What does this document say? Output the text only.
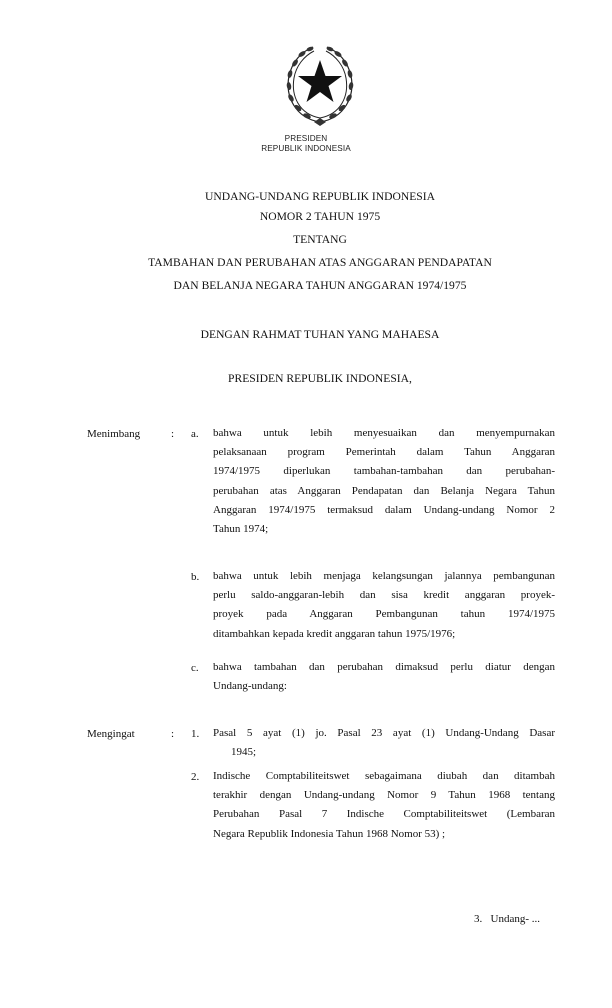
PRESIDEN
REPUBLIK INDONESIA
UNDANG-UNDANG REPUBLIK INDONESIA
NOMOR 2 TAHUN 1975
TENTANG
TAMBAHAN DAN PERUBAHAN ATAS ANGGARAN PENDAPATAN
DAN BELANJA NEGARA TAHUN ANGGARAN 1974/1975
DENGAN RAHMAT TUHAN YANG MAHAESA
PRESIDEN REPUBLIK INDONESIA,
Menimbang	: a. bahwa untuk lebih menyesuaikan dan menyempurnakan
pelaksanaan program Pemerintah dalam Tahun Anggaran
1974/1975 diperlukan tambahan-tambahan dan perubahan-
perubahan atas Anggaran Pendapatan dan Belanja Negara Tahun
Anggaran 1974/1975 termaksud dalam Undang-undang Nomor 2
Tahun 1974;
b. bahwa untuk lebih menjaga kelangsungan jalannya pembangunan
perlu saldo-anggaran-lebih dan sisa kredit anggaran proyek-
proyek pada Anggaran Pembangunan tahun 1974/1975
ditambahkan kepada kredit anggaran tahun 1975/1976;
c. bahwa tambahan dan perubahan dimaksud perlu diatur dengan
Undang-undang:
Mengingat	: 1. Pasal 5 ayat (1) jo. Pasal 23 ayat (1) Undang-Undang Dasar
1945;
2. Indische Comptabiliteitswet sebagaimana diubah dan ditambah
terakhir dengan Undang-undang Nomor 9 Tahun 1968 tentang
Perubahan Pasal 7 Indische Comptabiliteitswet (Lembaran
Negara Republik Indonesia Tahun 1968 Nomor 53) ;
3.   Undang- ...
